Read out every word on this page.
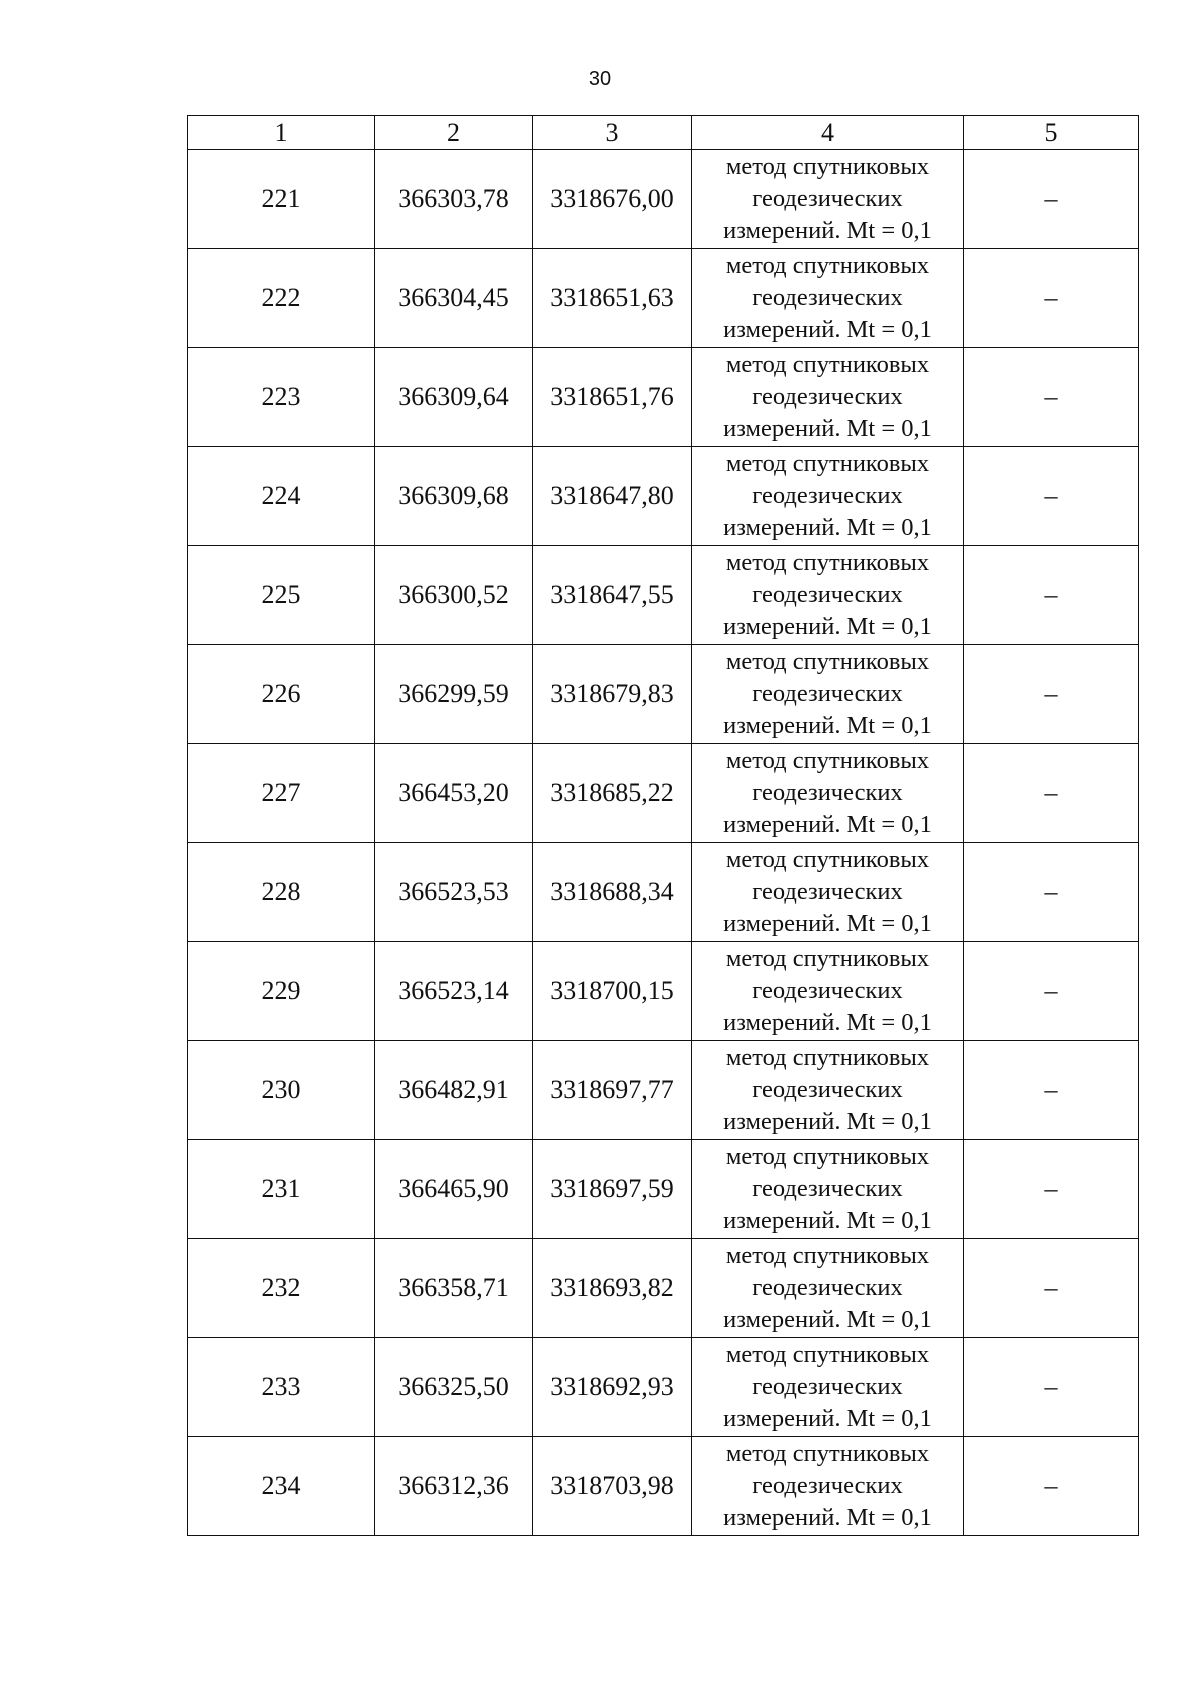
30
1	2	3	4	5
221	366303,78	3318676,00	метод спутниковых
геодезических
измерений. Mt = 0,1	–
222	366304,45	3318651,63	метод спутниковых
геодезических
измерений. Mt = 0,1	–
223	366309,64	3318651,76	метод спутниковых
геодезических
измерений. Mt = 0,1	–
224	366309,68	3318647,80	метод спутниковых
геодезических
измерений. Mt = 0,1	–
225	366300,52	3318647,55	метод спутниковых
геодезических
измерений. Mt = 0,1	–
226	366299,59	3318679,83	метод спутниковых
геодезических
измерений. Mt = 0,1	–
227	366453,20	3318685,22	метод спутниковых
геодезических
измерений. Mt = 0,1	–
228	366523,53	3318688,34	метод спутниковых
геодезических
измерений. Mt = 0,1	–
229	366523,14	3318700,15	метод спутниковых
геодезических
измерений. Mt = 0,1	–
230	366482,91	3318697,77	метод спутниковых
геодезических
измерений. Mt = 0,1	–
231	366465,90	3318697,59	метод спутниковых
геодезических
измерений. Mt = 0,1	–
232	366358,71	3318693,82	метод спутниковых
геодезических
измерений. Mt = 0,1	–
233	366325,50	3318692,93	метод спутниковых
геодезических
измерений. Mt = 0,1	–
234	366312,36	3318703,98	метод спутниковых
геодезических
измерений. Mt = 0,1	–
